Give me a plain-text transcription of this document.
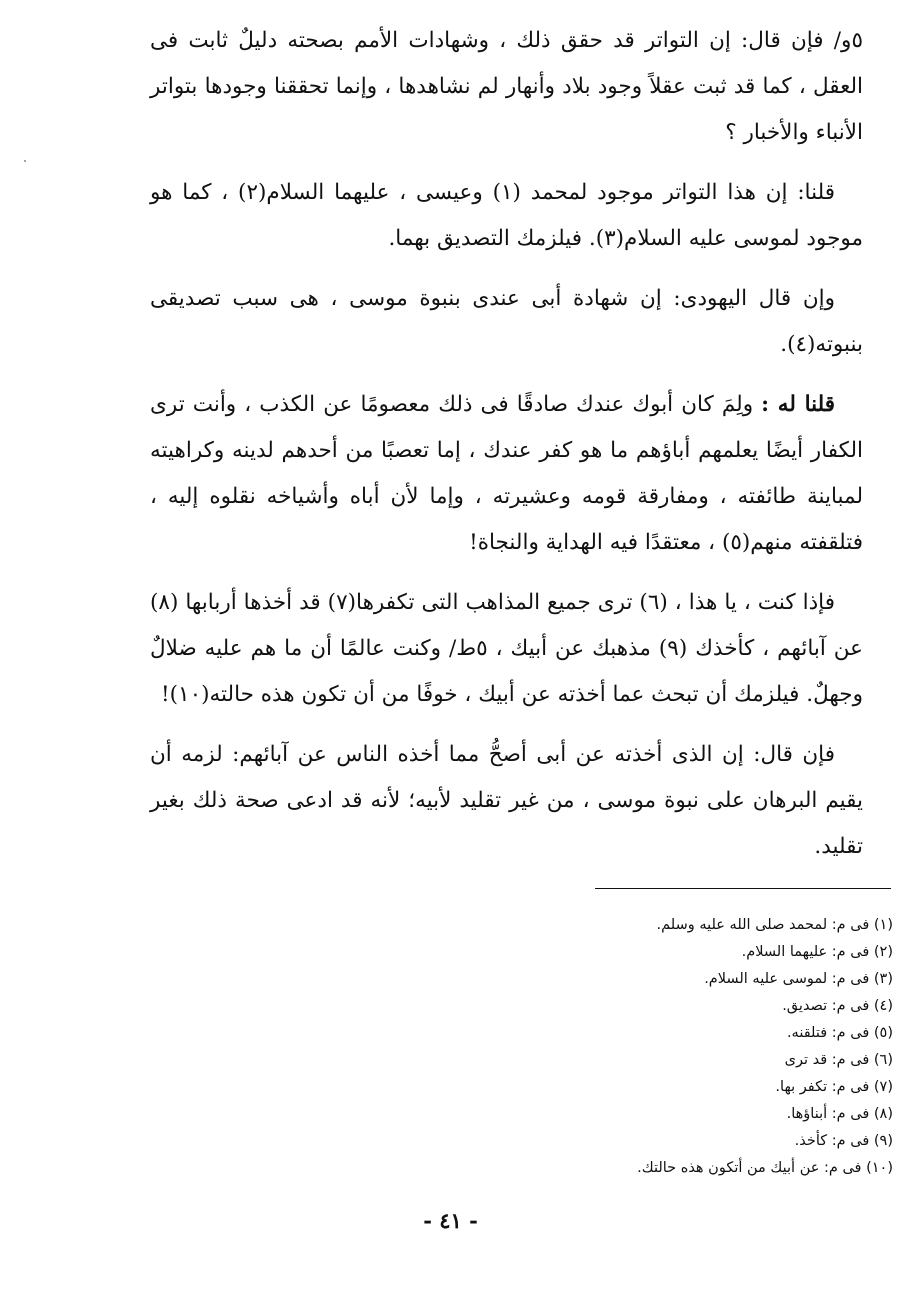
٥و/ فإن قال: إن التواتر قد حقق ذلك ، وشهادات الأمم بصحته دليلٌ ثابت فى العقل ، كما قد ثبت عقلاً وجود بلاد وأنهار لم نشاهدها ، وإنما تحققنا وجودها بتواتر الأنباء والأخبار ؟

قلنا: إن هذا التواتر موجود لمحمد (١) وعيسى ، عليهما السلام(٢) ، كما هو موجود لموسى عليه السلام(٣). فيلزمك التصديق بهما.

وإن قال اليهودى: إن شهادة أبى عندى بنبوة موسى ، هى سبب تصديقى بنبوته(٤).

قلنا له : ولِمَ كان أبوك عندك صادقًا فى ذلك معصومًا عن الكذب ، وأنت ترى الكفار أيضًا يعلمهم أباؤهم ما هو كفر عندك ، إما تعصبًا من أحدهم لدينه وكراهيته لمباينة طائفته ، ومفارقة قومه وعشيرته ، وإما لأن أباه وأشياخه نقلوه إليه ، فتلقفته منهم(٥) ، معتقدًا فيه الهداية والنجاة!

فإذا كنت ، يا هذا ، (٦) ترى جميع المذاهب التى تكفرها(٧) قد أخذها أربابها (٨) عن آبائهم ، كأخذك (٩) مذهبك عن أبيك ، ٥ط/ وكنت عالمًا أن ما هم عليه ضلالٌ وجهلٌ. فيلزمك أن تبحث عما أخذته عن أبيك ، خوفًا من أن تكون هذه حالته(١٠)!

فإن قال: إن الذى أخذته عن أبى أصحُّ مما أخذه الناس عن آبائهم: لزمه أن يقيم البرهان على نبوة موسى ، من غير تقليد لأبيه؛ لأنه قد ادعى صحة ذلك بغير تقليد.

(١) فى م: لمحمد صلى الله عليه وسلم.
(٢) فى م: عليهما السلام.
(٣) فى م: لموسى عليه السلام.
(٤) فى م: تصديق.
(٥) فى م: فتلقنه.
(٦) فى م: قد ترى
(٧) فى م: تكفر بها.
(٨) فى م: أبناؤها.
(٩) فى م: كأخذ.
(١٠) فى م: عن أبيك من أتكون هذه حالتك.
- ٤١ -
